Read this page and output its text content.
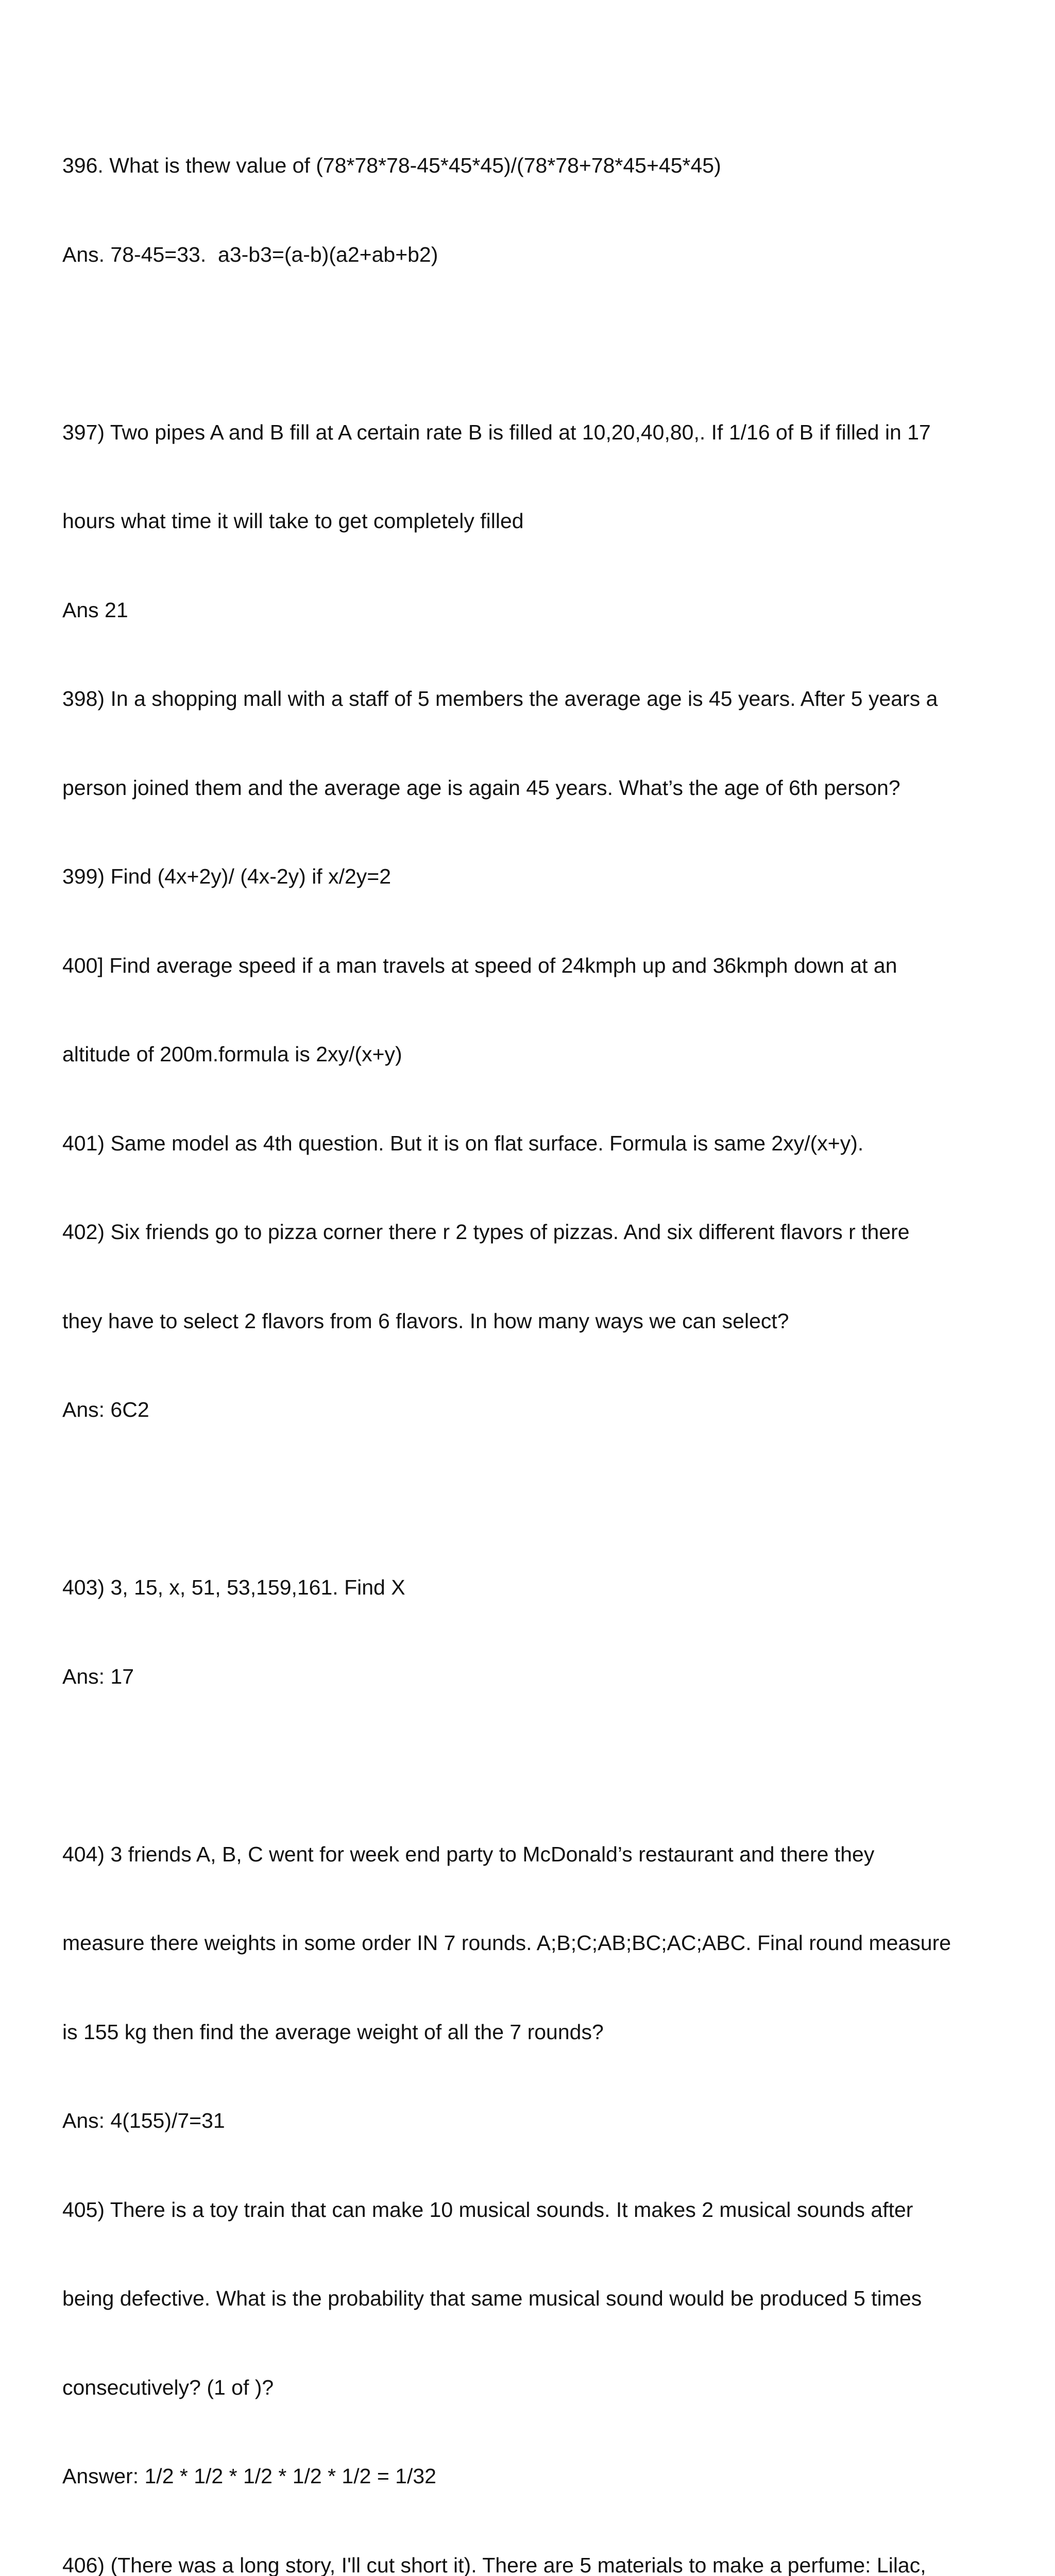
396. What is thew value of (78*78*78-45*45*45)/(78*78+78*45+45*45)

Ans. 78-45=33.  a3-b3=(a-b)(a2+ab+b2)

397) Two pipes A and B fill at A certain rate B is filled at 10,20,40,80,. If 1/16 of B if filled in 17

hours what time it will take to get completely filled

Ans 21

398) In a shopping mall with a staff of 5 members the average age is 45 years. After 5 years a

person joined them and the average age is again 45 years. What’s the age of 6th person?

399) Find (4x+2y)/ (4x-2y) if x/2y=2

400] Find average speed if a man travels at speed of 24kmph up and 36kmph down at an

altitude of 200m.formula is 2xy/(x+y)

401) Same model as 4th question. But it is on flat surface. Formula is same 2xy/(x+y).

402) Six friends go to pizza corner there r 2 types of pizzas. And six different flavors r there

they have to select 2 flavors from 6 flavors. In how many ways we can select?

Ans: 6C2

403) 3, 15, x, 51, 53,159,161. Find X

Ans: 17

404) 3 friends A, B, C went for week end party to McDonald’s restaurant and there they

measure there weights in some order IN 7 rounds. A;B;C;AB;BC;AC;ABC. Final round measure

is 155 kg then find the average weight of all the 7 rounds?

Ans: 4(155)/7=31

405) There is a toy train that can make 10 musical sounds. It makes 2 musical sounds after

being defective. What is the probability that same musical sound would be produced 5 times

consecutively? (1 of )?

Answer: 1/2 * 1/2 * 1/2 * 1/2 * 1/2 = 1/32

406) (There was a long story, I'll cut short it). There are 5 materials to make a perfume: Lilac,
